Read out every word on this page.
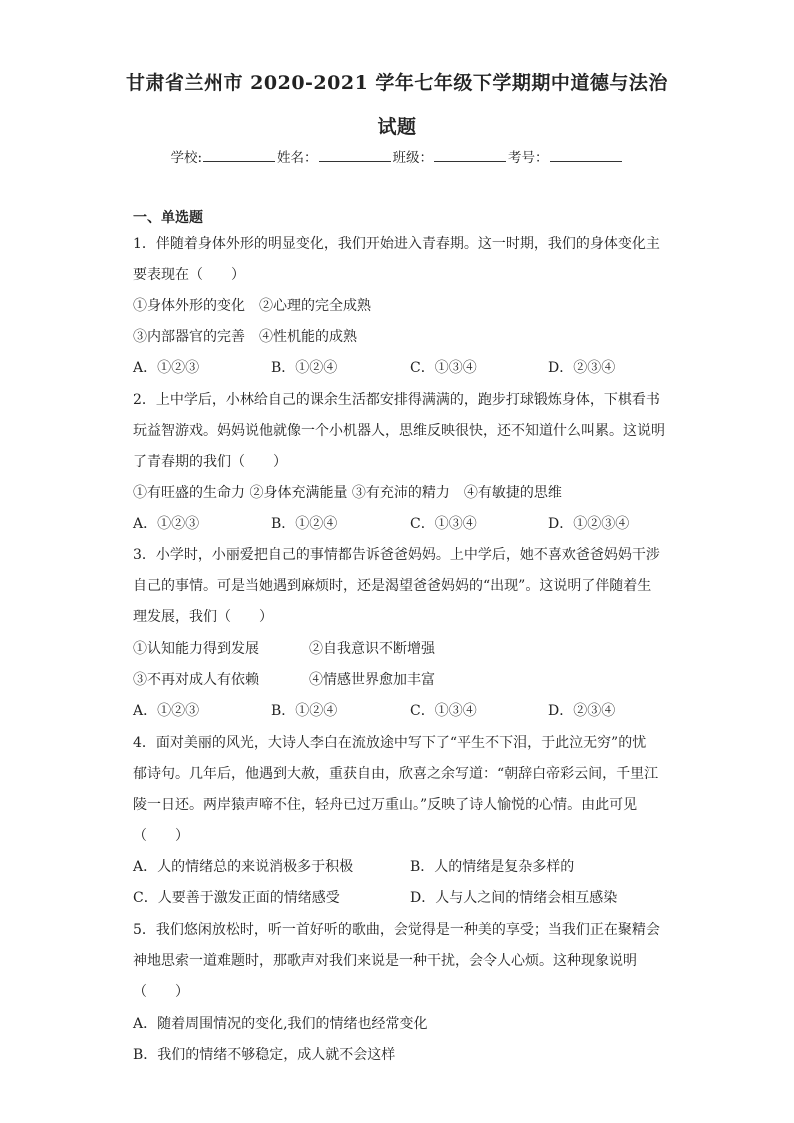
甘肃省兰州市 2020-2021 学年七年级下学期期中道德与法治
试题
学校:	姓名：	班级：	考号：
一、单选题
1．伴随着身体外形的明显变化，我们开始进入青春期。这一时期，我们的身体变化主
要表现在（　　）
①身体外形的变化　②心理的完全成熟
③内部器官的完善　④性机能的成熟
A．①②③	B．①②④	C．①③④	D．②③④
2．上中学后，小林给自己的课余生活都安排得满满的，跑步打球锻炼身体，下棋看书
玩益智游戏。妈妈说他就像一个小机器人，思维反映很快，还不知道什么叫累。这说明
了青春期的我们（　　）
①有旺盛的生命力 ②身体充满能量 ③有充沛的精力　④有敏捷的思维
A．①②③	B．①②④	C．①③④	D．①②③④
3．小学时，小丽爱把自己的事情都告诉爸爸妈妈。上中学后，她不喜欢爸爸妈妈干涉
自己的事情。可是当她遇到麻烦时，还是渴望爸爸妈妈的“出现”。这说明了伴随着生
理发展，我们（　　）
①认知能力得到发展	②自我意识不断增强
③不再对成人有依赖	④情感世界愈加丰富
A．①②③	B．①②④	C．①③④	D．②③④
4．面对美丽的风光，大诗人李白在流放途中写下了“平生不下泪，于此泣无穷”的忧
郁诗句。几年后，他遇到大赦，重获自由，欣喜之余写道：“朝辞白帝彩云间，千里江
陵一日还。两岸猿声啼不住，轻舟已过万重山。”反映了诗人愉悦的心情。由此可见
（　　）
A．人的情绪总的来说消极多于积极	B．人的情绪是复杂多样的
C．人要善于激发正面的情绪感受	D．人与人之间的情绪会相互感染
5．我们悠闲放松时，听一首好听的歌曲，会觉得是一种美的享受；当我们正在聚精会
神地思索一道难题时，那歌声对我们来说是一种干扰，会令人心烦。这种现象说明
（　　）
A．随着周围情况的变化,我们的情绪也经常变化
B．我们的情绪不够稳定，成人就不会这样
